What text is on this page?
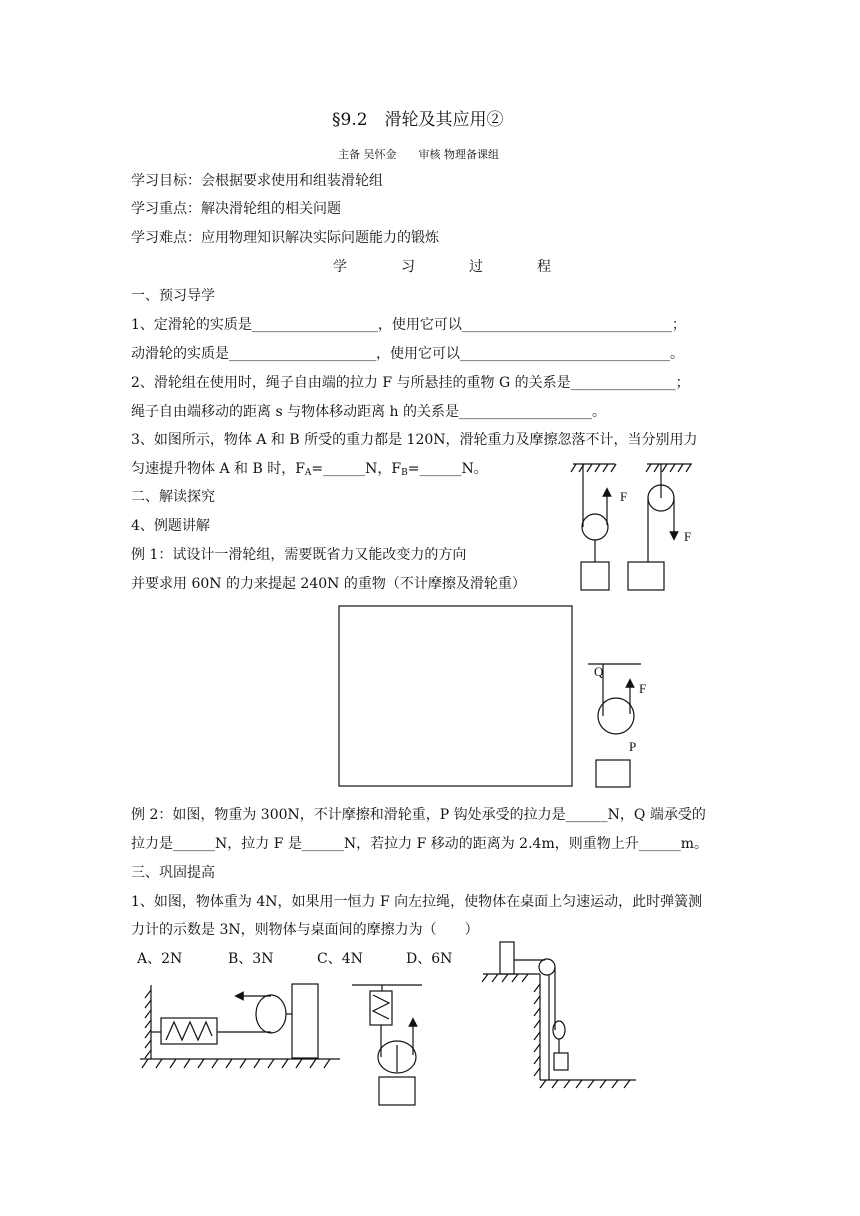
§9.2　滑轮及其应用➁
主备 吴怀金　　审核 物理备课组
学习目标：会根据要求使用和组装滑轮组
学习重点：解决滑轮组的相关问题
学习难点：应用物理知识解决实际问题能力的锻炼
学	习	过	程
一、预习导学
1、定滑轮的实质是__________________，使用它可以______________________________；
动滑轮的实质是_____________________，使用它可以______________________________。
2、滑轮组在使用时，绳子自由端的拉力 F 与所悬挂的重物 G 的关系是_______________；
绳子自由端移动的距离 s 与物体移动距离 h 的关系是___________________。
3、如图所示，物体 A 和 B 所受的重力都是 120N，滑轮重力及摩擦忽落不计，当分别用力
匀速提升物体 A 和 B 时，$F_A=\_\_\_\_\_\_N$，$F_B=\_\_\_\_\_\_N$。
二、解读探究
4、例题讲解
例 1：试设计一滑轮组，需要既省力又能改变力的方向
并要求用 60N 的力来提起 240N 的重物（不计摩擦及滑轮重）
例 2：如图，物重为 300N，不计摩擦和滑轮重，P 钩处承受的拉力是______N，Q 端承受的
拉力是______N，拉力 F 是______N，若拉力 F 移动的距离为 2.4m，则重物上升______m。
三、巩固提高
1、如图，物体重为 4N，如果用一恒力 F 向左拉绳，使物体在桌面上匀速运动，此时弹簧测
力计的示数是 3N，则物体与桌面间的摩擦力为（　　）
A、2N	B、3N	C、4N	D、6N
F
F
Q
F
P
